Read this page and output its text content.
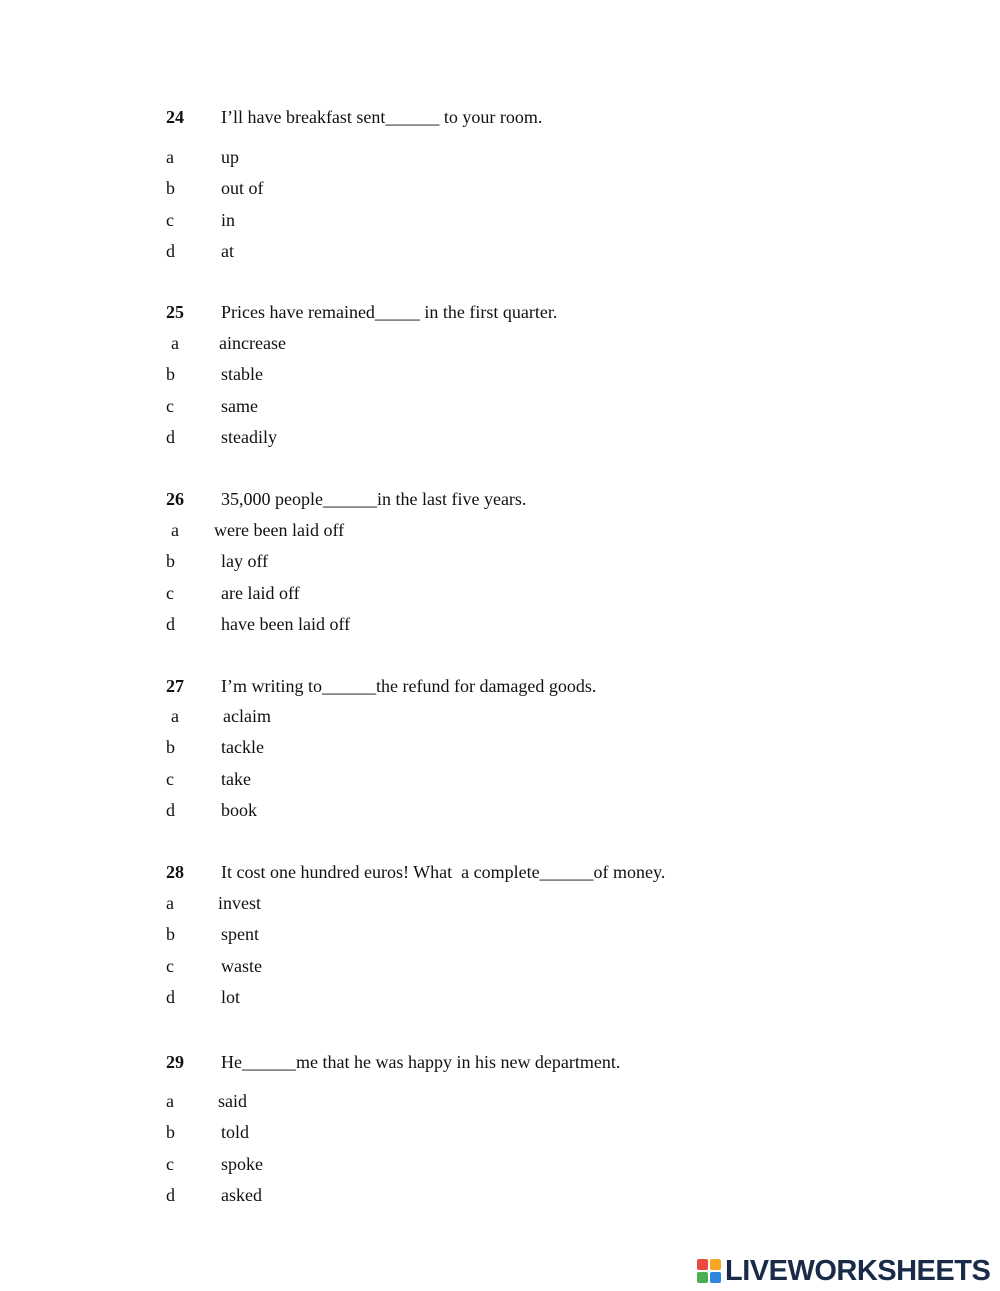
24 I’ll have breakfast sent______ to your room.
a	up
b	out of
c	in
d	at
25 Prices have remained_____ in the first quarter.
a aincrease
b	stable
c	same
d	steadily
26 35,000 people______in the last five years.
a were been laid off
b	lay off
c	are laid off
d	have been laid off
27 I’m writing to______the refund for damaged goods.
a aclaim
b	tackle
c	take
d	book
28 It cost one hundred euros! What  a complete______of money.
a invest
b	spent
c	waste
d	lot
29 He______me that he was happy in his new department.
a said
b	told
c	spoke
d	asked
LIVEWORKSHEETS
